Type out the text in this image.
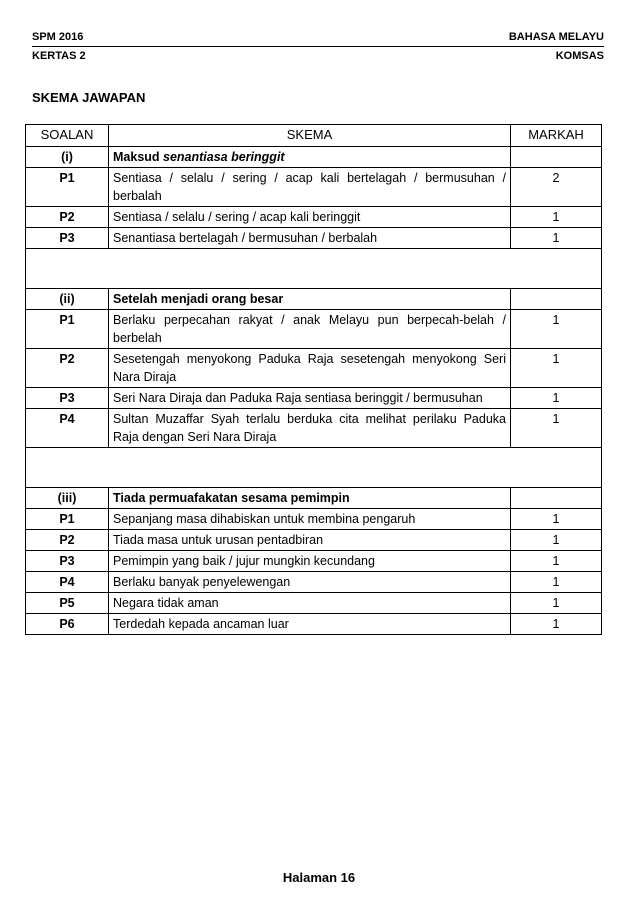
SPM 2016	BAHASA MELAYU
KERTAS 2	KOMSAS
SKEMA JAWAPAN
SOALAN	SKEMA	MARKAH
(i)	Maksud senantiasa beringgit	
P1	Sentiasa / selalu / sering / acap kali bertelagah / bermusuhan / berbalah	2
P2	Sentiasa / selalu / sering / acap kali beringgit	1
P3	Senantiasa bertelagah / bermusuhan / berbalah	1

(ii)	Setelah menjadi orang besar	
P1	Berlaku perpecahan rakyat / anak Melayu pun berpecah-belah / berbelah	1
P2	Sesetengah menyokong Paduka Raja sesetengah menyokong Seri Nara Diraja	1
P3	Seri Nara Diraja dan Paduka Raja sentiasa beringgit / bermusuhan	1
P4	Sultan Muzaffar Syah terlalu berduka cita melihat perilaku Paduka Raja dengan Seri Nara Diraja	1

(iii)	Tiada permuafakatan sesama pemimpin	
P1	Sepanjang masa dihabiskan untuk membina pengaruh	1
P2	Tiada masa untuk urusan pentadbiran	1
P3	Pemimpin yang baik / jujur mungkin kecundang	1
P4	Berlaku banyak penyelewengan	1
P5	Negara tidak aman	1
P6	Terdedah kepada ancaman luar	1
Halaman 16
